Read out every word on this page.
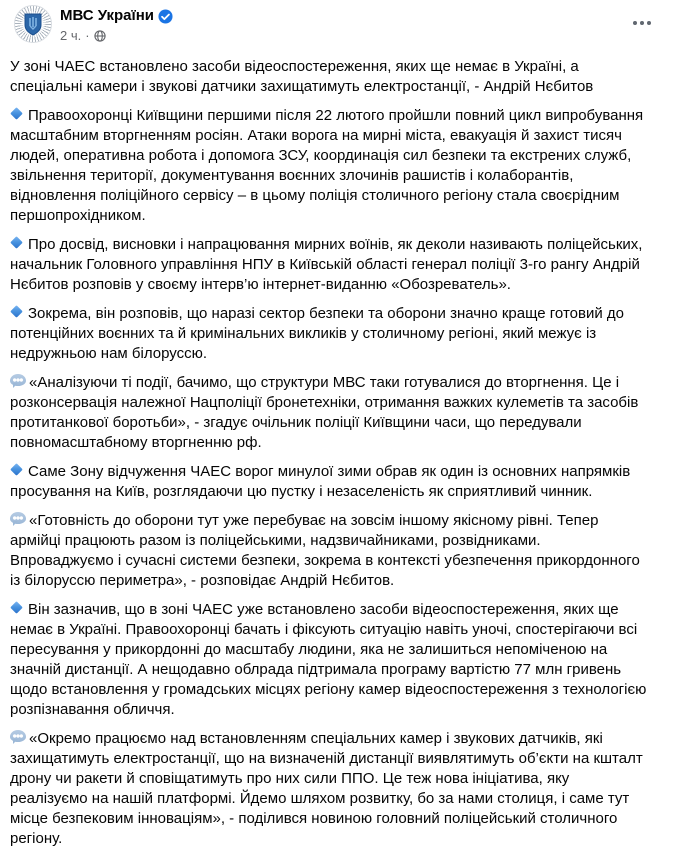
МВС України
2 ч. ·

У зоні ЧАЕС встановлено засоби відеоспостереження, яких ще немає в Україні, а спеціальні камери і звукові датчики захищатимуть електростанції, - Андрій Нєбитов

Правоохоронці Київщини першими після 22 лютого пройшли повний цикл випробування масштабним вторгненням росіян. Атаки ворога на мирні міста, евакуація й захист тисяч людей, оперативна робота і допомога ЗСУ, координація сил безпеки та екстрених служб, звільнення території, документування воєнних злочинів рашистів і колаборантів, відновлення поліційного сервісу – в цьому поліція столичного регіону стала своєрідним першопрохідником.

Про досвід, висновки і напрацювання мирних воїнів, як деколи називають поліцейських, начальник Головного управління НПУ в Київській області генерал поліції 3-го рангу Андрій Нєбитов розповів у своєму інтерв’ю інтернет-виданню «Обозреватель».

Зокрема, він розповів, що наразі сектор безпеки та оборони значно краще готовий до потенційних воєнних та й кримінальних викликів у столичному регіоні, який межує із недружньою нам білоруссю.

«Аналізуючи ті події, бачимо, що структури МВС таки готувалися до вторгнення. Це і розконсервація належної Нацполіції бронетехніки, отримання важких кулеметів та засобів протитанкової боротьби», - згадує очільник поліції Київщини часи, що передували повномасштабному вторгненню рф.

Саме Зону відчуження ЧАЕС ворог минулої зими обрав як один із основних напрямків просування на Київ, розглядаючи цю пустку і незаселеність як сприятливий чинник.

«Готовність до оборони тут уже перебуває на зовсім іншому якісному рівні. Тепер армійці працюють разом із поліцейськими, надзвичайниками, розвідниками. Впроваджуємо і сучасні системи безпеки, зокрема в контексті убезпечення прикордонного із білоруссю периметра», - розповідає Андрій Нєбитов.

Він зазначив, що в зоні ЧАЕС уже встановлено засоби відеоспостереження, яких ще немає в Україні. Правоохоронці бачать і фіксують ситуацію навіть уночі, спостерігаючи всі пересування у прикордонні до масштабу людини, яка не залишиться непоміченою на значній дистанції. А нещодавно облрада підтримала програму вартістю 77 млн гривень щодо встановлення у громадських місцях регіону камер відеоспостереження з технологією розпізнавання обличчя.

«Окремо працюємо над встановленням спеціальних камер і звукових датчиків, які захищатимуть електростанції, що на визначеній дистанції виявлятимуть об’єкти на кшталт дрону чи ракети й сповіщатимуть про них сили ППО. Це теж нова ініціатива, яку реалізуємо на нашій платформі. Йдемо шляхом розвитку, бо за нами столиця, і саме тут місце безпековим інноваціям», - поділився новиною головний поліцейський столичного регіону.
